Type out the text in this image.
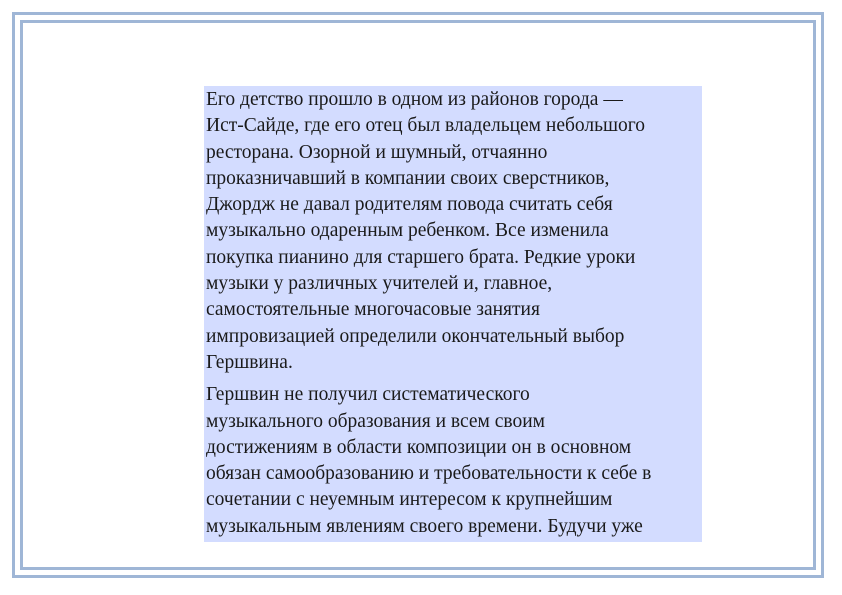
Его детство прошло в одном из районов города —
Ист-Сайде, где его отец был владельцем небольшого
ресторана. Озорной и шумный, отчаянно
проказничавший в компании своих сверстников,
Джордж не давал родителям повода считать себя
музыкально одаренным ребенком. Все изменила
покупка пианино для старшего брата. Редкие уроки
музыки у различных учителей и, главное,
самостоятельные многочасовые занятия
импровизацией определили окончательный выбор
Гершвина.

Гершвин не получил систематического
музыкального образования и всем своим
достижениям в области композиции он в основном
обязан самообразованию и требовательности к себе в
сочетании с неуемным интересом к крупнейшим
музыкальным явлениям своего времени. Будучи уже
